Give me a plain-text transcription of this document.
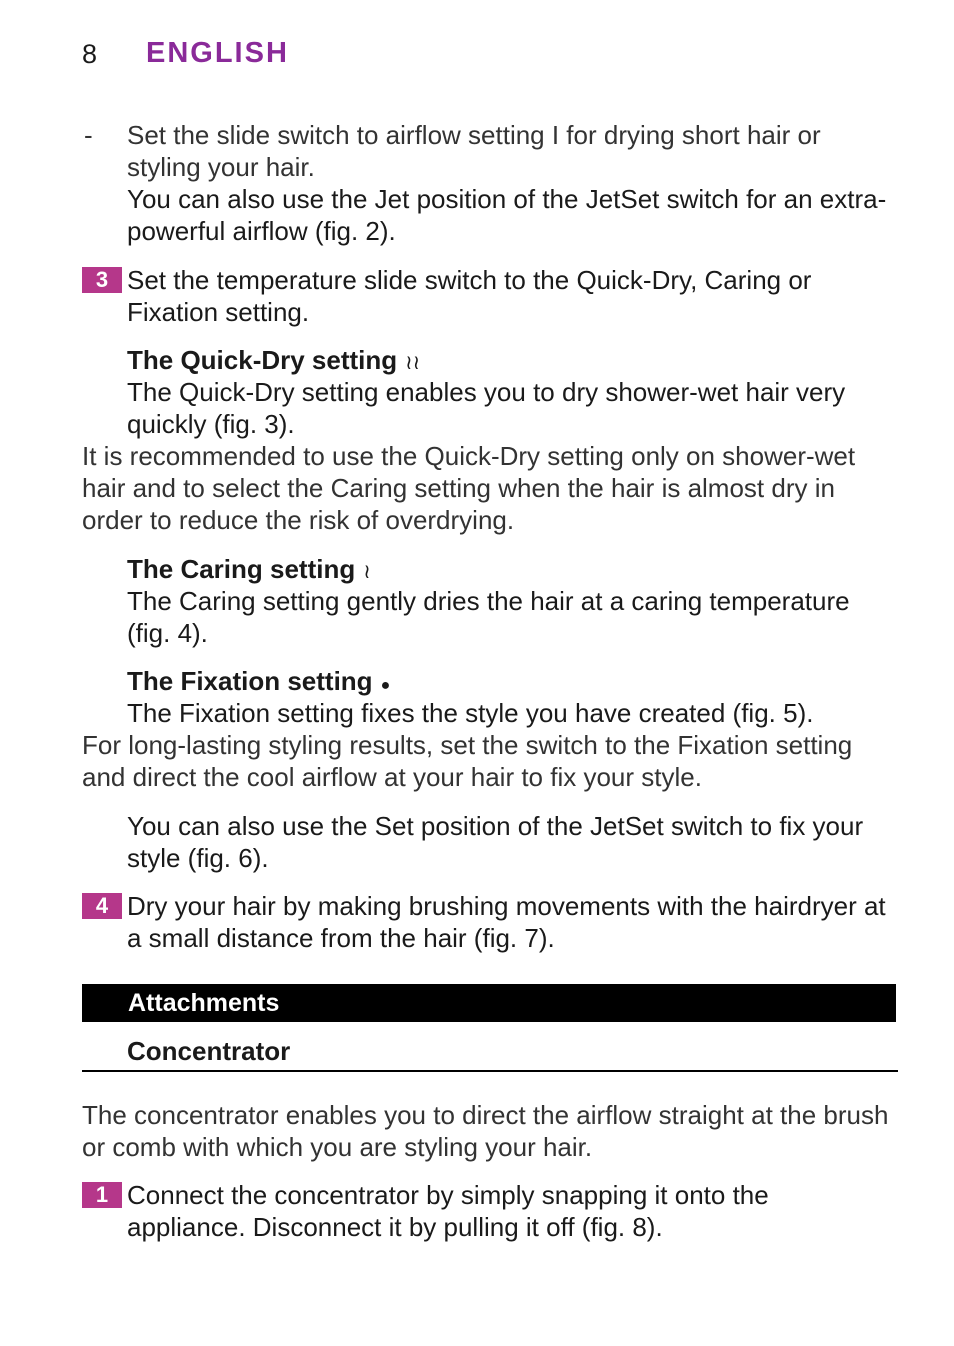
8 ENGLISH
- Set the slide switch to airflow setting I for drying short hair or styling your hair.

You can also use the Jet position of the JetSet switch for an extra-powerful airflow (fig. 2).

3 Set the temperature slide switch to the Quick-Dry, Caring or Fixation setting.

The Quick-Dry setting ≀≀

The Quick-Dry setting enables you to dry shower-wet hair very quickly (fig. 3).

It is recommended to use the Quick-Dry setting only on shower-wet hair and to select the Caring setting when the hair is almost dry in order to reduce the risk of overdrying.

The Caring setting ≀

The Caring setting gently dries the hair at a caring temperature (fig. 4).

The Fixation setting ●

The Fixation setting fixes the style you have created (fig. 5).

For long-lasting styling results, set the switch to the Fixation setting and direct the cool airflow at your hair to fix your style.

You can also use the Set position of the JetSet switch to fix your style (fig. 6).

4 Dry your hair by making brushing movements with the hairdryer at a small distance from the hair (fig. 7).

Attachments

Concentrator

The concentrator enables you to direct the airflow straight at the brush or comb with which you are styling your hair.

1 Connect the concentrator by simply snapping it onto the appliance. Disconnect it by pulling it off (fig. 8).
